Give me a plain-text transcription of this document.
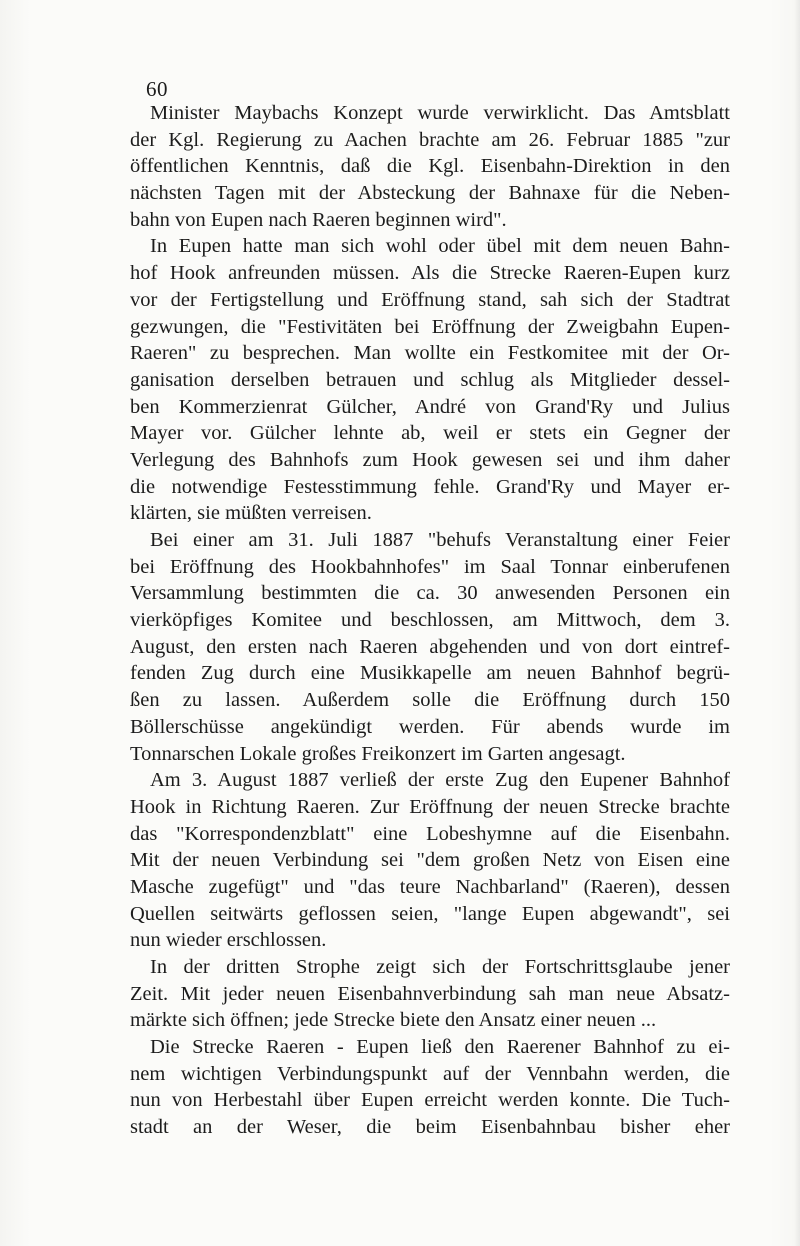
60
Minister Maybachs Konzept wurde verwirklicht. Das Amtsblatt
der Kgl. Regierung zu Aachen brachte am 26. Februar 1885 "zur
öffentlichen Kenntnis, daß die Kgl. Eisenbahn-Direktion in den
nächsten Tagen mit der Absteckung der Bahnaxe für die Neben-
bahn von Eupen nach Raeren beginnen wird".
In Eupen hatte man sich wohl oder übel mit dem neuen Bahn-
hof Hook anfreunden müssen. Als die Strecke Raeren-Eupen kurz
vor der Fertigstellung und Eröffnung stand, sah sich der Stadtrat
gezwungen, die "Festivitäten bei Eröffnung der Zweigbahn Eupen-
Raeren" zu besprechen. Man wollte ein Festkomitee mit der Or-
ganisation derselben betrauen und schlug als Mitglieder dessel-
ben Kommerzienrat Gülcher, André von Grand'Ry und Julius
Mayer vor. Gülcher lehnte ab, weil er stets ein Gegner der
Verlegung des Bahnhofs zum Hook gewesen sei und ihm daher
die notwendige Festesstimmung fehle. Grand'Ry und Mayer er-
klärten, sie müßten verreisen.
Bei einer am 31. Juli 1887 "behufs Veranstaltung einer Feier
bei Eröffnung des Hookbahnhofes" im Saal Tonnar einberufenen
Versammlung bestimmten die ca. 30 anwesenden Personen ein
vierköpfiges Komitee und beschlossen, am Mittwoch, dem 3.
August, den ersten nach Raeren abgehenden und von dort eintref-
fenden Zug durch eine Musikkapelle am neuen Bahnhof begrü-
ßen zu lassen. Außerdem solle die Eröffnung durch 150
Böllerschüsse angekündigt werden. Für abends wurde im
Tonnarschen Lokale großes Freikonzert im Garten angesagt.
Am 3. August 1887 verließ der erste Zug den Eupener Bahnhof
Hook in Richtung Raeren. Zur Eröffnung der neuen Strecke brachte
das "Korrespondenzblatt" eine Lobeshymne auf die Eisenbahn.
Mit der neuen Verbindung sei "dem großen Netz von Eisen eine
Masche zugefügt" und "das teure Nachbarland" (Raeren), dessen
Quellen seitwärts geflossen seien, "lange Eupen abgewandt", sei
nun wieder erschlossen.
In der dritten Strophe zeigt sich der Fortschrittsglaube jener
Zeit. Mit jeder neuen Eisenbahnverbindung sah man neue Absatz-
märkte sich öffnen; jede Strecke biete den Ansatz einer neuen ...
Die Strecke Raeren - Eupen ließ den Raerener Bahnhof zu ei-
nem wichtigen Verbindungspunkt auf der Vennbahn werden, die
nun von Herbestahl über Eupen erreicht werden konnte. Die Tuch-
stadt an der Weser, die beim Eisenbahnbau bisher eher
